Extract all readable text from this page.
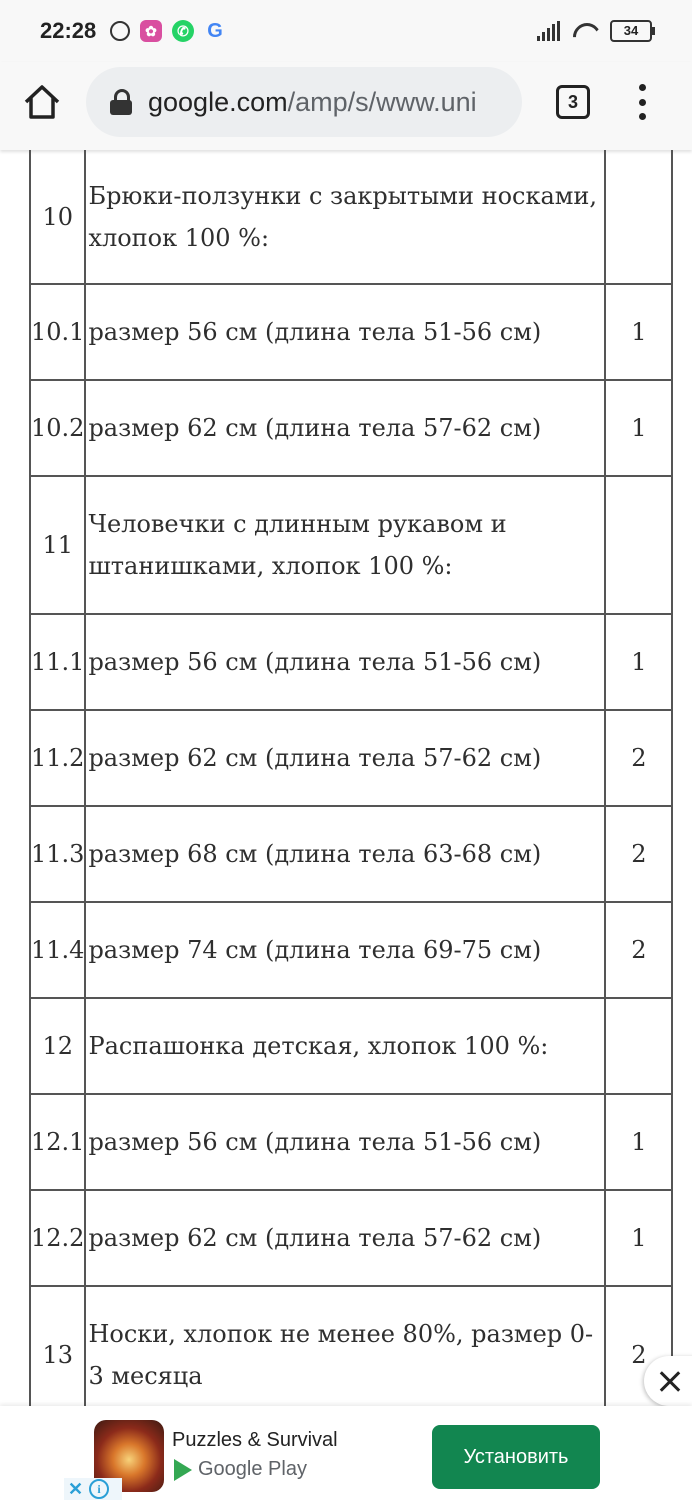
22:28	✿	✆ G	34
google.com/amp/s/www.uni	3
10	Брюки-ползунки с закрытыми носками, хлопок 100 %:	
10.1	размер 56 см (длина тела 51-56 см)	1
10.2	размер 62 см (длина тела 57-62 см)	1
11	Человечки с длинным рукавом и штанишками, хлопок 100 %:	
11.1	размер 56 см (длина тела 51-56 см)	1
11.2	размер 62 см (длина тела 57-62 см)	2
11.3	размер 68 см (длина тела 63-68 см)	2
11.4	размер 74 см (длина тела 69-75 см)	2
12	Распашонка детская, хлопок 100 %:	
12.1	размер 56 см (длина тела 51-56 см)	1
12.2	размер 62 см (длина тела 57-62 см)	1
13	Носки, хлопок не менее 80%, размер 0-3 месяца	2
Puzzles & Survival
Google Play
Установить
✕	i
